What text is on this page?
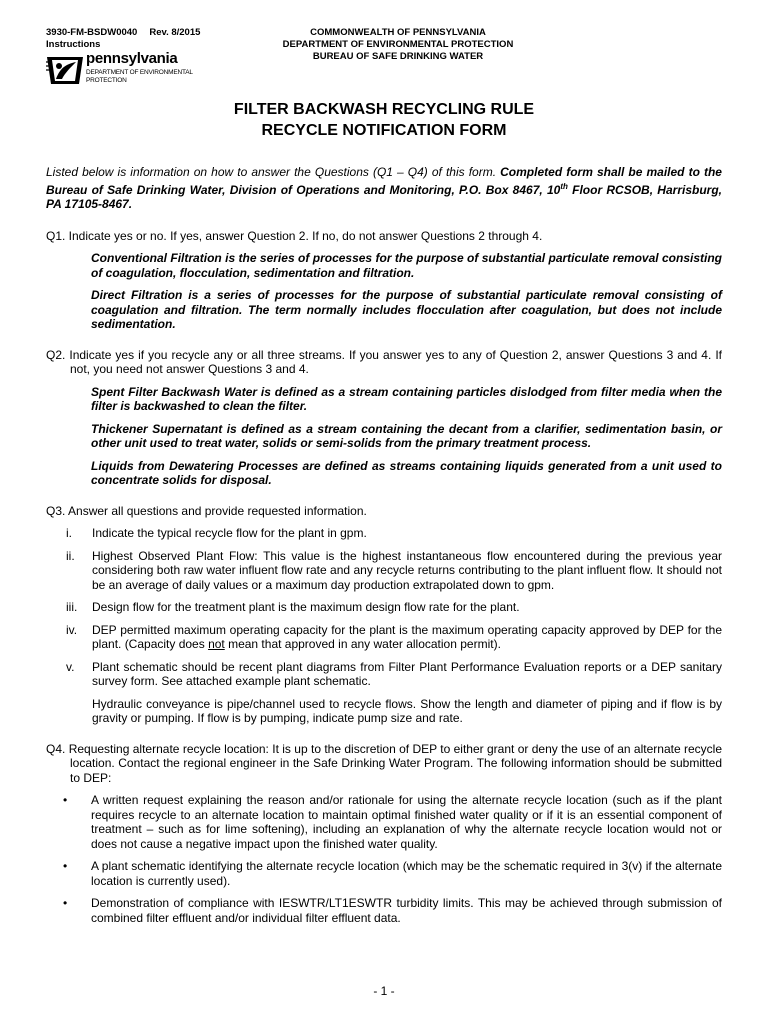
3930-FM-BSDW0040 Rev. 8/2015
Instructions
COMMONWEALTH OF PENNSYLVANIA
DEPARTMENT OF ENVIRONMENTAL PROTECTION
BUREAU OF SAFE DRINKING WATER
pennsylvania
DEPARTMENT OF ENVIRONMENTAL
PROTECTION
FILTER BACKWASH RECYCLING RULE
RECYCLE NOTIFICATION FORM

Listed below is information on how to answer the Questions (Q1 – Q4) of this form. Completed form shall be mailed to the Bureau of Safe Drinking Water, Division of Operations and Monitoring, P.O. Box 8467, 10th Floor RCSOB, Harrisburg, PA 17105-8467.

Q1. Indicate yes or no. If yes, answer Question 2. If no, do not answer Questions 2 through 4.

Conventional Filtration is the series of processes for the purpose of substantial particulate removal consisting of coagulation, flocculation, sedimentation and filtration.

Direct Filtration is a series of processes for the purpose of substantial particulate removal consisting of coagulation and filtration. The term normally includes flocculation after coagulation, but does not include sedimentation.

Q2. Indicate yes if you recycle any or all three streams. If you answer yes to any of Question 2, answer Questions 3 and 4. If not, you need not answer Questions 3 and 4.

Spent Filter Backwash Water is defined as a stream containing particles dislodged from filter media when the filter is backwashed to clean the filter.

Thickener Supernatant is defined as a stream containing the decant from a clarifier, sedimentation basin, or other unit used to treat water, solids or semi-solids from the primary treatment process.

Liquids from Dewatering Processes are defined as streams containing liquids generated from a unit used to concentrate solids for disposal.

Q3. Answer all questions and provide requested information.

i.	Indicate the typical recycle flow for the plant in gpm.
ii.	Highest Observed Plant Flow: This value is the highest instantaneous flow encountered during the previous year considering both raw water influent flow rate and any recycle returns contributing to the plant influent flow. It should not be an average of daily values or a maximum day production extrapolated down to gpm.
iii.	Design flow for the treatment plant is the maximum design flow rate for the plant.
iv.	DEP permitted maximum operating capacity for the plant is the maximum operating capacity approved by DEP for the plant. (Capacity does not mean that approved in any water allocation permit).
v.	Plant schematic should be recent plant diagrams from Filter Plant Performance Evaluation reports or a DEP sanitary survey form. See attached example plant schematic.

Hydraulic conveyance is pipe/channel used to recycle flows. Show the length and diameter of piping and if flow is by gravity or pumping. If flow is by pumping, indicate pump size and rate.

Q4. Requesting alternate recycle location: It is up to the discretion of DEP to either grant or deny the use of an alternate recycle location. Contact the regional engineer in the Safe Drinking Water Program. The following information should be submitted to DEP:

•	A written request explaining the reason and/or rationale for using the alternate recycle location (such as if the plant requires recycle to an alternate location to maintain optimal finished water quality or if it is an essential component of treatment – such as for lime softening), including an explanation of why the alternate recycle location would not or does not cause a negative impact upon the finished water quality.
•	A plant schematic identifying the alternate recycle location (which may be the schematic required in 3(v) if the alternate location is currently used).
•	Demonstration of compliance with IESWTR/LT1ESWTR turbidity limits. This may be achieved through submission of combined filter effluent and/or individual filter effluent data.
- 1 -
